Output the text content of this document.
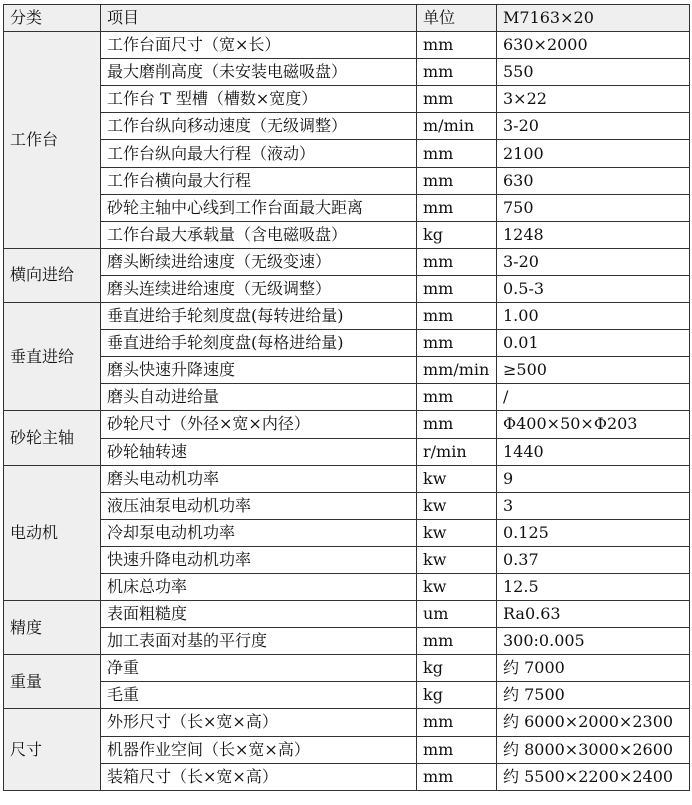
分类	项目	单位	M7163×20
工作台	工作台面尺寸（宽×长）	mm	630×2000
	最大磨削高度（未安装电磁吸盘）	mm	550
	工作台 T 型槽（槽数×宽度）	mm	3×22
	工作台纵向移动速度（无级调整）	m/min	3-20
	工作台纵向最大行程（液动）	mm	2100
	工作台横向最大行程	mm	630
	砂轮主轴中心线到工作台面最大距离	mm	750
	工作台最大承载量（含电磁吸盘）	kg	1248
横向进给	磨头断续进给速度（无级变速）	mm	3-20
	磨头连续进给速度（无级调整）	mm	0.5-3
垂直进给	垂直进给手轮刻度盘(每转进给量)	mm	1.00
	垂直进给手轮刻度盘(每格进给量)	mm	0.01
	磨头快速升降速度	mm/min	≥500
	磨头自动进给量	mm	/
砂轮主轴	砂轮尺寸（外径×宽×内径）	mm	Φ400×50×Φ203
	砂轮轴转速	r/min	1440
电动机	磨头电动机功率	kw	9
	液压油泵电动机功率	kw	3
	冷却泵电动机功率	kw	0.125
	快速升降电动机功率	kw	0.37
	机床总功率	kw	12.5
精度	表面粗糙度	um	Ra0.63
	加工表面对基的平行度	mm	300:0.005
重量	净重	kg	约 7000
	毛重	kg	约 7500
尺寸	外形尺寸（长×宽×高）	mm	约 6000×2000×2300
	机器作业空间（长×宽×高）	mm	约 8000×3000×2600
	装箱尺寸（长×宽×高）	mm	约 5500×2200×2400
